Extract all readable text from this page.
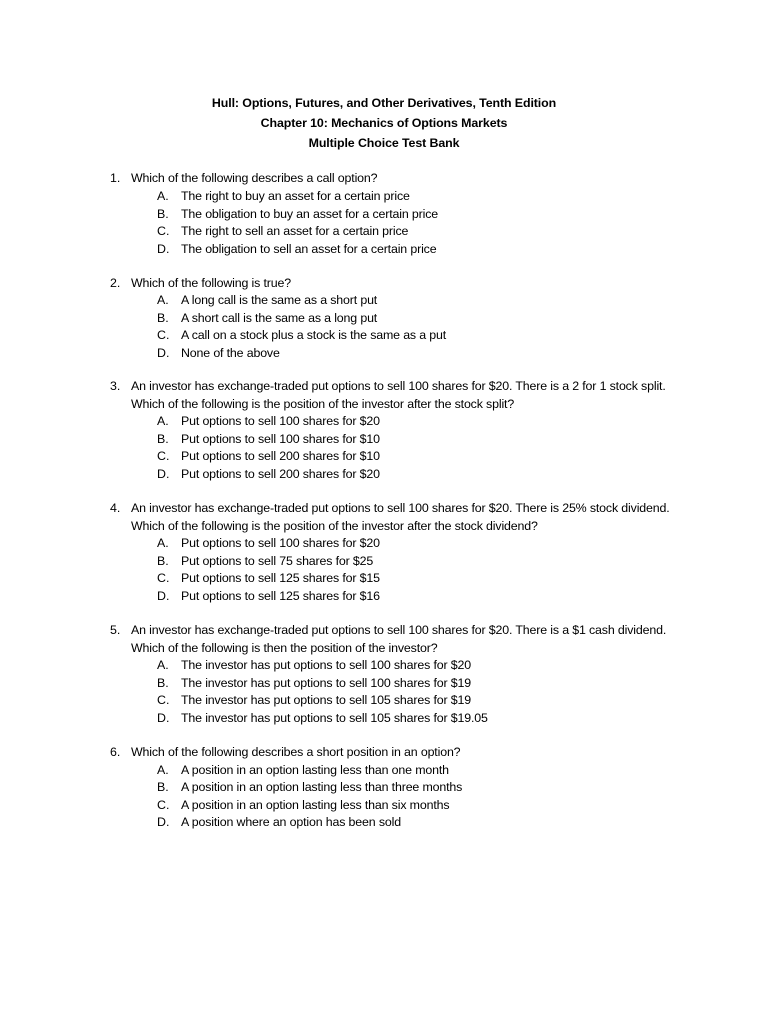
Hull: Options, Futures, and Other Derivatives, Tenth Edition
Chapter 10: Mechanics of Options Markets
Multiple Choice Test Bank
1. Which of the following describes a call option?
A. The right to buy an asset for a certain price
B. The obligation to buy an asset for a certain price
C. The right to sell an asset for a certain price
D. The obligation to sell an asset for a certain price
2. Which of the following is true?
A. A long call is the same as a short put
B. A short call is the same as a long put
C. A call on a stock plus a stock is the same as a put
D. None of the above
3. An investor has exchange-traded put options to sell 100 shares for $20. There is a 2 for 1 stock split. Which of the following is the position of the investor after the stock split?
A. Put options to sell 100 shares for $20
B. Put options to sell 100 shares for $10
C. Put options to sell 200 shares for $10
D. Put options to sell 200 shares for $20
4. An investor has exchange-traded put options to sell 100 shares for $20. There is 25% stock dividend. Which of the following is the position of the investor after the stock dividend?
A. Put options to sell 100 shares for $20
B. Put options to sell 75 shares for $25
C. Put options to sell 125 shares for $15
D. Put options to sell 125 shares for $16
5. An investor has exchange-traded put options to sell 100 shares for $20. There is a $1 cash dividend. Which of the following is then the position of the investor?
A. The investor has put options to sell 100 shares for $20
B. The investor has put options to sell 100 shares for $19
C. The investor has put options to sell 105 shares for $19
D. The investor has put options to sell 105 shares for $19.05
6. Which of the following describes a short position in an option?
A. A position in an option lasting less than one month
B. A position in an option lasting less than three months
C. A position in an option lasting less than six months
D. A position where an option has been sold
